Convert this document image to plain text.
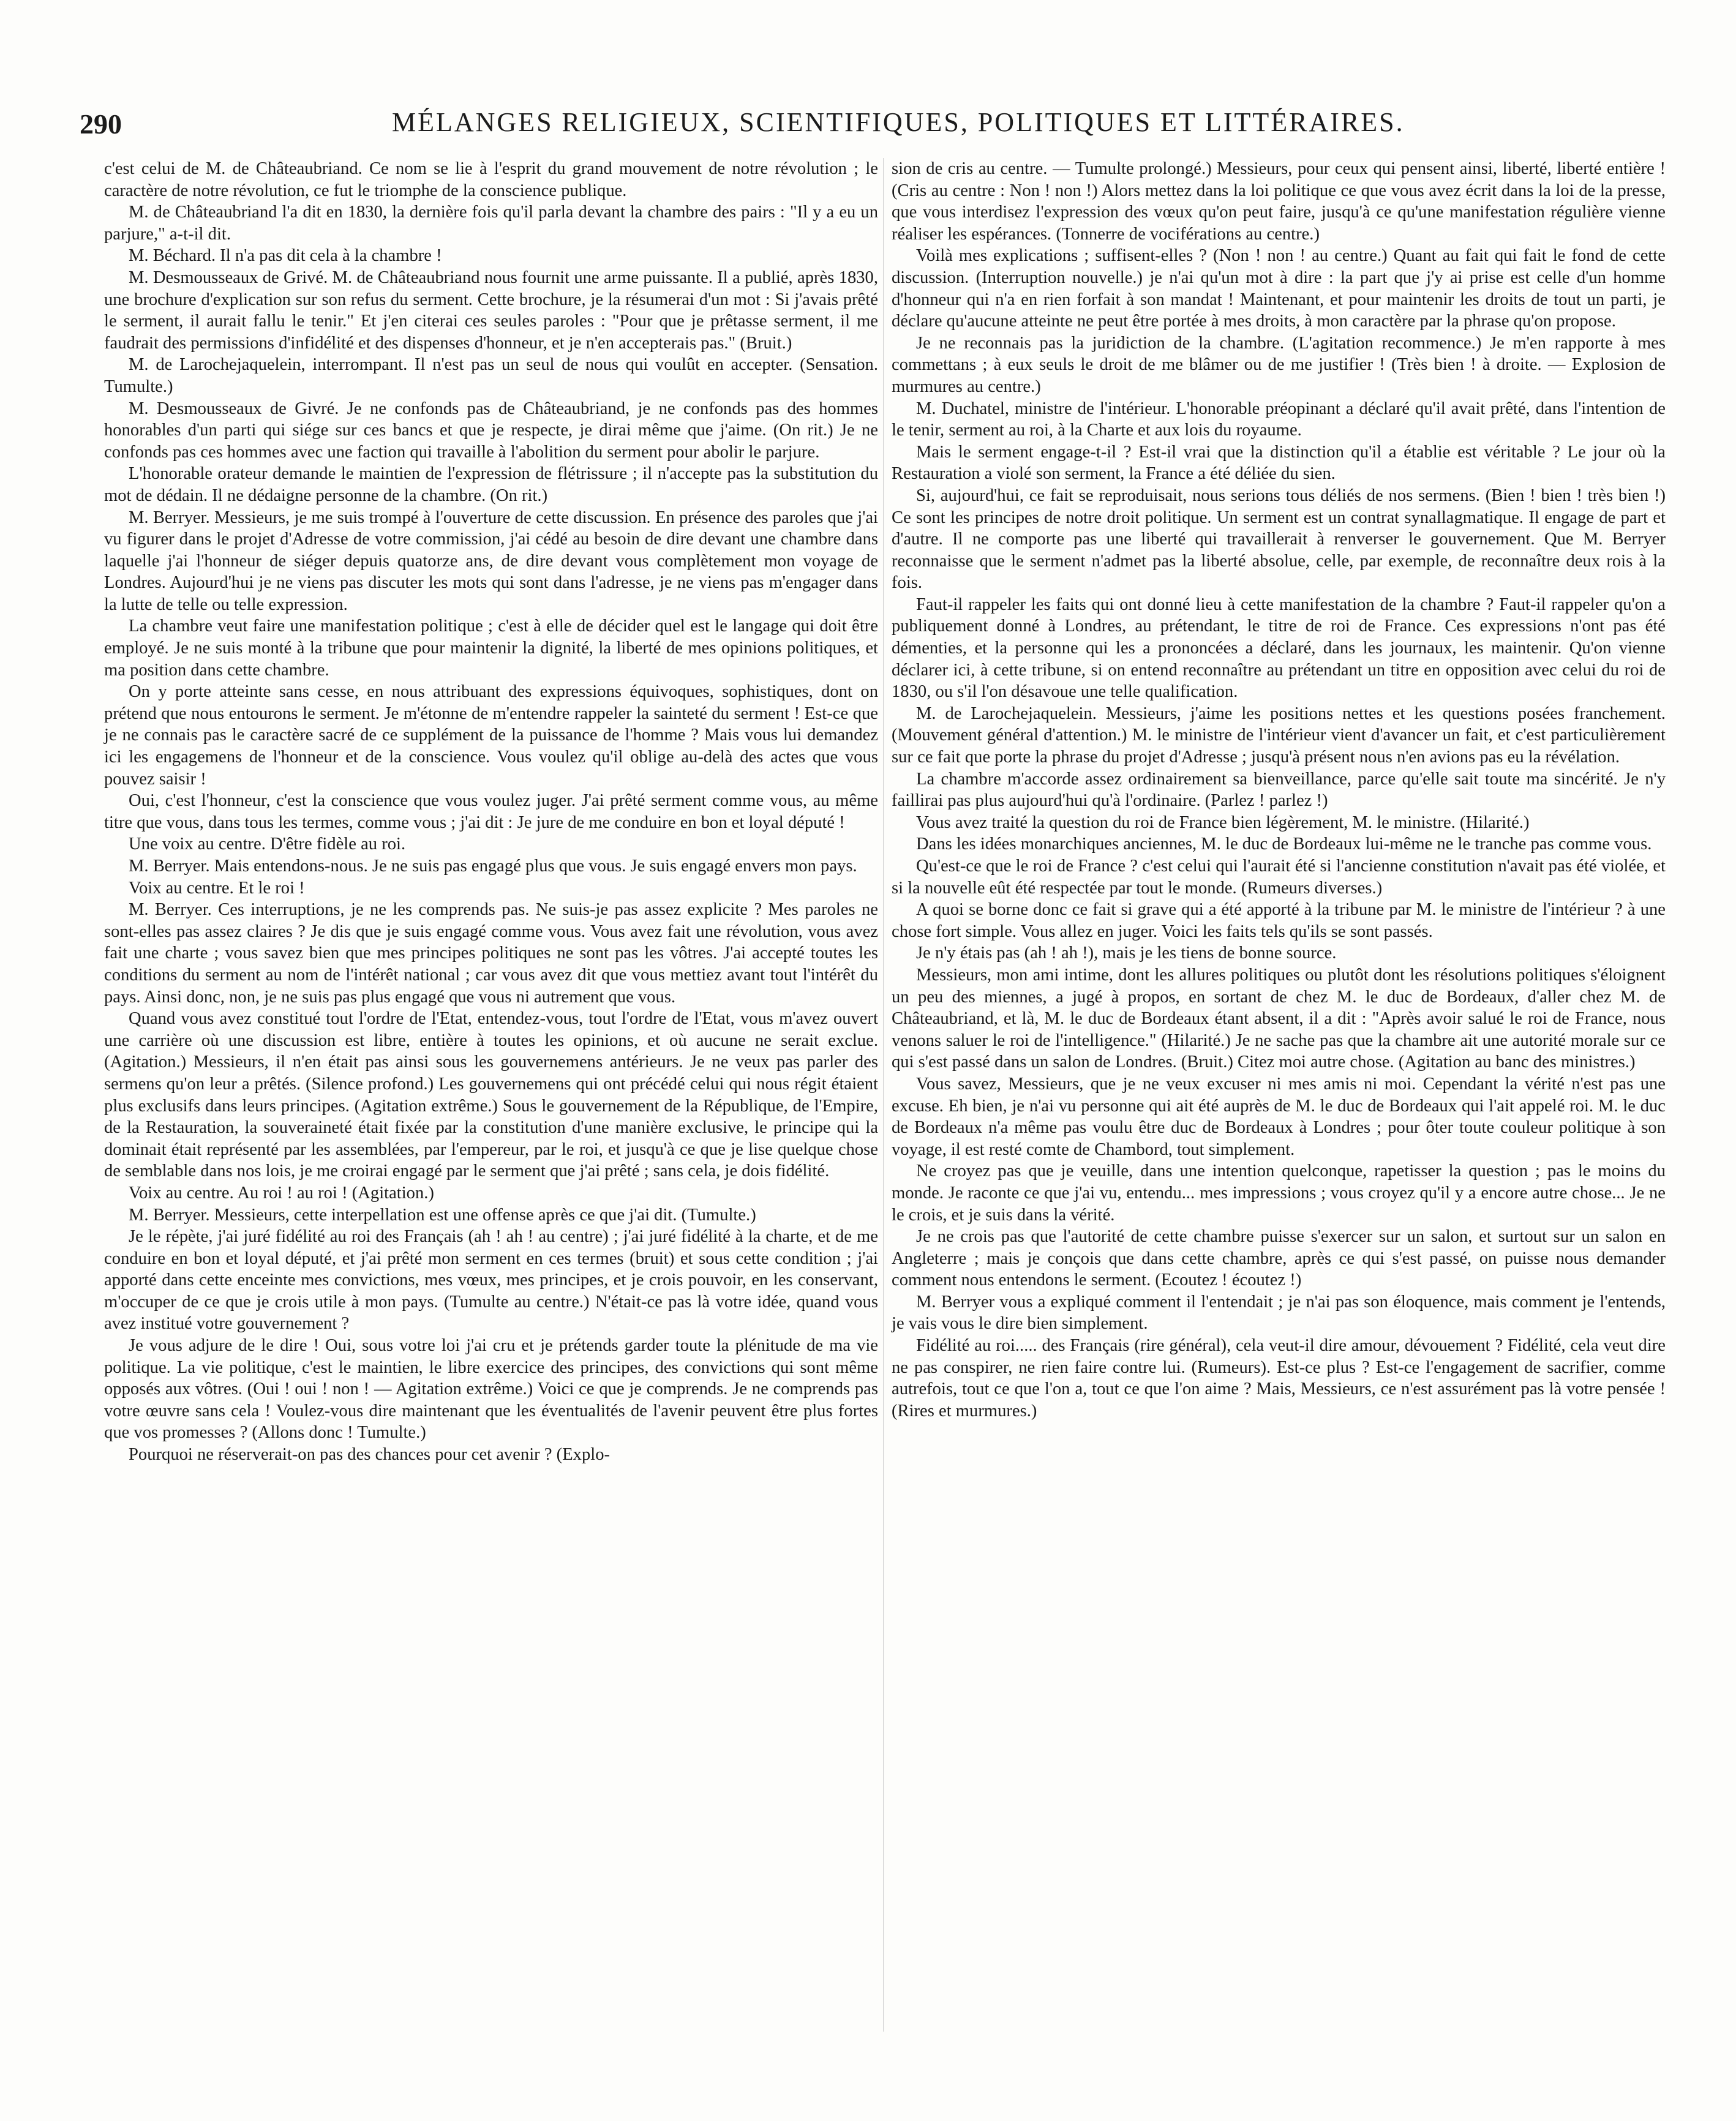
290	MÉLANGES RELIGIEUX, SCIENTIFIQUES, POLITIQUES ET LITTÉRAIRES.

c'est celui de M. de Châteaubriand. Ce nom se lie à l'esprit du grand mouvement de notre révolution ; le caractère de notre révolution, ce fut le triomphe de la conscience publique.

M. de Châteaubriand l'a dit en 1830, la dernière fois qu'il parla devant la chambre des pairs : "Il y a eu un parjure," a-t-il dit.

M. Béchard. Il n'a pas dit cela à la chambre !

M. Desmousseaux de Grivé. M. de Châteaubriand nous fournit une arme puissante. Il a publié, après 1830, une brochure d'explication sur son refus du serment. Cette brochure, je la résumerai d'un mot : Si j'avais prêté le serment, il aurait fallu le tenir." Et j'en citerai ces seules paroles : "Pour que je prêtasse serment, il me faudrait des permissions d'infidélité et des dispenses d'honneur, et je n'en accepterais pas." (Bruit.)

M. de Larochejaquelein, interrompant. Il n'est pas un seul de nous qui voulût en accepter. (Sensation. Tumulte.)

M. Desmousseaux de Givré. Je ne confonds pas de Châteaubriand, je ne confonds pas des hommes honorables d'un parti qui siége sur ces bancs et que je respecte, je dirai même que j'aime. (On rit.) Je ne confonds pas ces hommes avec une faction qui travaille à l'abolition du serment pour abolir le parjure.

L'honorable orateur demande le maintien de l'expression de flétrissure ; il n'accepte pas la substitution du mot de dédain. Il ne dédaigne personne de la chambre. (On rit.)

M. Berryer. Messieurs, je me suis trompé à l'ouverture de cette discussion. En présence des paroles que j'ai vu figurer dans le projet d'Adresse de votre commission, j'ai cédé au besoin de dire devant une chambre dans laquelle j'ai l'honneur de siéger depuis quatorze ans, de dire devant vous complètement mon voyage de Londres. Aujourd'hui je ne viens pas discuter les mots qui sont dans l'adresse, je ne viens pas m'engager dans la lutte de telle ou telle expression.

La chambre veut faire une manifestation politique ; c'est à elle de décider quel est le langage qui doit être employé. Je ne suis monté à la tribune que pour maintenir la dignité, la liberté de mes opinions politiques, et ma position dans cette chambre.

On y porte atteinte sans cesse, en nous attribuant des expressions équivoques, sophistiques, dont on prétend que nous entourons le serment. Je m'étonne de m'entendre rappeler la sainteté du serment ! Est-ce que je ne connais pas le caractère sacré de ce supplément de la puissance de l'homme ? Mais vous lui demandez ici les engagemens de l'honneur et de la conscience. Vous voulez qu'il oblige au-delà des actes que vous pouvez saisir !

Oui, c'est l'honneur, c'est la conscience que vous voulez juger. J'ai prêté serment comme vous, au même titre que vous, dans tous les termes, comme vous ; j'ai dit : Je jure de me conduire en bon et loyal député !

Une voix au centre. D'être fidèle au roi.

M. Berryer. Mais entendons-nous. Je ne suis pas engagé plus que vous. Je suis engagé envers mon pays.

Voix au centre. Et le roi !

M. Berryer. Ces interruptions, je ne les comprends pas. Ne suis-je pas assez explicite ? Mes paroles ne sont-elles pas assez claires ? Je dis que je suis engagé comme vous. Vous avez fait une révolution, vous avez fait une charte ; vous savez bien que mes principes politiques ne sont pas les vôtres. J'ai accepté toutes les conditions du serment au nom de l'intérêt national ; car vous avez dit que vous mettiez avant tout l'intérêt du pays. Ainsi donc, non, je ne suis pas plus engagé que vous ni autrement que vous.

Quand vous avez constitué tout l'ordre de l'Etat, entendez-vous, tout l'ordre de l'Etat, vous m'avez ouvert une carrière où une discussion est libre, entière à toutes les opinions, et où aucune ne serait exclue. (Agitation.) Messieurs, il n'en était pas ainsi sous les gouvernemens antérieurs. Je ne veux pas parler des sermens qu'on leur a prêtés. (Silence profond.) Les gouvernemens qui ont précédé celui qui nous régit étaient plus exclusifs dans leurs principes. (Agitation extrême.) Sous le gouvernement de la République, de l'Empire, de la Restauration, la souveraineté était fixée par la constitution d'une manière exclusive, le principe qui la dominait était représenté par les assemblées, par l'empereur, par le roi, et jusqu'à ce que je lise quelque chose de semblable dans nos lois, je me croirai engagé par le serment que j'ai prêté ; sans cela, je dois fidélité.

Voix au centre. Au roi ! au roi ! (Agitation.)

M. Berryer. Messieurs, cette interpellation est une offense après ce que j'ai dit. (Tumulte.)

Je le répète, j'ai juré fidélité au roi des Français (ah ! ah ! au centre) ; j'ai juré fidélité à la charte, et de me conduire en bon et loyal député, et j'ai prêté mon serment en ces termes (bruit) et sous cette condition ; j'ai apporté dans cette enceinte mes convictions, mes vœux, mes principes, et je crois pouvoir, en les conservant, m'occuper de ce que je crois utile à mon pays. (Tumulte au centre.) N'était-ce pas là votre idée, quand vous avez institué votre gouvernement ?

Je vous adjure de le dire ! Oui, sous votre loi j'ai cru et je prétends garder toute la plénitude de ma vie politique. La vie politique, c'est le maintien, le libre exercice des principes, des convictions qui sont même opposés aux vôtres. (Oui ! oui ! non ! — Agitation extrême.) Voici ce que je comprends. Je ne comprends pas votre œuvre sans cela ! Voulez-vous dire maintenant que les éventualités de l'avenir peuvent être plus fortes que vos promesses ? (Allons donc ! Tumulte.)

Pourquoi ne réserverait-on pas des chances pour cet avenir ? (Explo-

sion de cris au centre. — Tumulte prolongé.) Messieurs, pour ceux qui pensent ainsi, liberté, liberté entière ! (Cris au centre : Non ! non !) Alors mettez dans la loi politique ce que vous avez écrit dans la loi de la presse, que vous interdisez l'expression des vœux qu'on peut faire, jusqu'à ce qu'une manifestation régulière vienne réaliser les espérances. (Tonnerre de vociférations au centre.)

Voilà mes explications ; suffisent-elles ? (Non ! non ! au centre.) Quant au fait qui fait le fond de cette discussion. (Interruption nouvelle.) je n'ai qu'un mot à dire : la part que j'y ai prise est celle d'un homme d'honneur qui n'a en rien forfait à son mandat ! Maintenant, et pour maintenir les droits de tout un parti, je déclare qu'aucune atteinte ne peut être portée à mes droits, à mon caractère par la phrase qu'on propose.

Je ne reconnais pas la juridiction de la chambre. (L'agitation recommence.) Je m'en rapporte à mes commettans ; à eux seuls le droit de me blâmer ou de me justifier ! (Très bien ! à droite. — Explosion de murmures au centre.)

M. Duchatel, ministre de l'intérieur. L'honorable préopinant a déclaré qu'il avait prêté, dans l'intention de le tenir, serment au roi, à la Charte et aux lois du royaume.

Mais le serment engage-t-il ? Est-il vrai que la distinction qu'il a établie est véritable ? Le jour où la Restauration a violé son serment, la France a été déliée du sien.

Si, aujourd'hui, ce fait se reproduisait, nous serions tous déliés de nos sermens. (Bien ! bien ! très bien !) Ce sont les principes de notre droit politique. Un serment est un contrat synallagmatique. Il engage de part et d'autre. Il ne comporte pas une liberté qui travaillerait à renverser le gouvernement. Que M. Berryer reconnaisse que le serment n'admet pas la liberté absolue, celle, par exemple, de reconnaître deux rois à la fois.

Faut-il rappeler les faits qui ont donné lieu à cette manifestation de la chambre ? Faut-il rappeler qu'on a publiquement donné à Londres, au prétendant, le titre de roi de France. Ces expressions n'ont pas été démenties, et la personne qui les a prononcées a déclaré, dans les journaux, les maintenir. Qu'on vienne déclarer ici, à cette tribune, si on entend reconnaître au prétendant un titre en opposition avec celui du roi de 1830, ou s'il l'on désavoue une telle qualification.

M. de Larochejaquelein. Messieurs, j'aime les positions nettes et les questions posées franchement. (Mouvement général d'attention.) M. le ministre de l'intérieur vient d'avancer un fait, et c'est particulièrement sur ce fait que porte la phrase du projet d'Adresse ; jusqu'à présent nous n'en avions pas eu la révélation.

La chambre m'accorde assez ordinairement sa bienveillance, parce qu'elle sait toute ma sincérité. Je n'y faillirai pas plus aujourd'hui qu'à l'ordinaire. (Parlez ! parlez !)

Vous avez traité la question du roi de France bien légèrement, M. le ministre. (Hilarité.)

Dans les idées monarchiques anciennes, M. le duc de Bordeaux lui-même ne le tranche pas comme vous.

Qu'est-ce que le roi de France ? c'est celui qui l'aurait été si l'ancienne constitution n'avait pas été violée, et si la nouvelle eût été respectée par tout le monde. (Rumeurs diverses.)

A quoi se borne donc ce fait si grave qui a été apporté à la tribune par M. le ministre de l'intérieur ? à une chose fort simple. Vous allez en juger. Voici les faits tels qu'ils se sont passés.

Je n'y étais pas (ah ! ah !), mais je les tiens de bonne source.

Messieurs, mon ami intime, dont les allures politiques ou plutôt dont les résolutions politiques s'éloignent un peu des miennes, a jugé à propos, en sortant de chez M. le duc de Bordeaux, d'aller chez M. de Châteaubriand, et là, M. le duc de Bordeaux étant absent, il a dit : "Après avoir salué le roi de France, nous venons saluer le roi de l'intelligence." (Hilarité.) Je ne sache pas que la chambre ait une autorité morale sur ce qui s'est passé dans un salon de Londres. (Bruit.) Citez moi autre chose. (Agitation au banc des ministres.)

Vous savez, Messieurs, que je ne veux excuser ni mes amis ni moi. Cependant la vérité n'est pas une excuse. Eh bien, je n'ai vu personne qui ait été auprès de M. le duc de Bordeaux qui l'ait appelé roi. M. le duc de Bordeaux n'a même pas voulu être duc de Bordeaux à Londres ; pour ôter toute couleur politique à son voyage, il est resté comte de Chambord, tout simplement.

Ne croyez pas que je veuille, dans une intention quelconque, rapetisser la question ; pas le moins du monde. Je raconte ce que j'ai vu, entendu... mes impressions ; vous croyez qu'il y a encore autre chose... Je ne le crois, et je suis dans la vérité.

Je ne crois pas que l'autorité de cette chambre puisse s'exercer sur un salon, et surtout sur un salon en Angleterre ; mais je conçois que dans cette chambre, après ce qui s'est passé, on puisse nous demander comment nous entendons le serment. (Ecoutez ! écoutez !)

M. Berryer vous a expliqué comment il l'entendait ; je n'ai pas son éloquence, mais comment je l'entends, je vais vous le dire bien simplement.

Fidélité au roi..... des Français (rire général), cela veut-il dire amour, dévouement ? Fidélité, cela veut dire ne pas conspirer, ne rien faire contre lui. (Rumeurs). Est-ce plus ? Est-ce l'engagement de sacrifier, comme autrefois, tout ce que l'on a, tout ce que l'on aime ? Mais, Messieurs, ce n'est assurément pas là votre pensée ! (Rires et murmures.)
